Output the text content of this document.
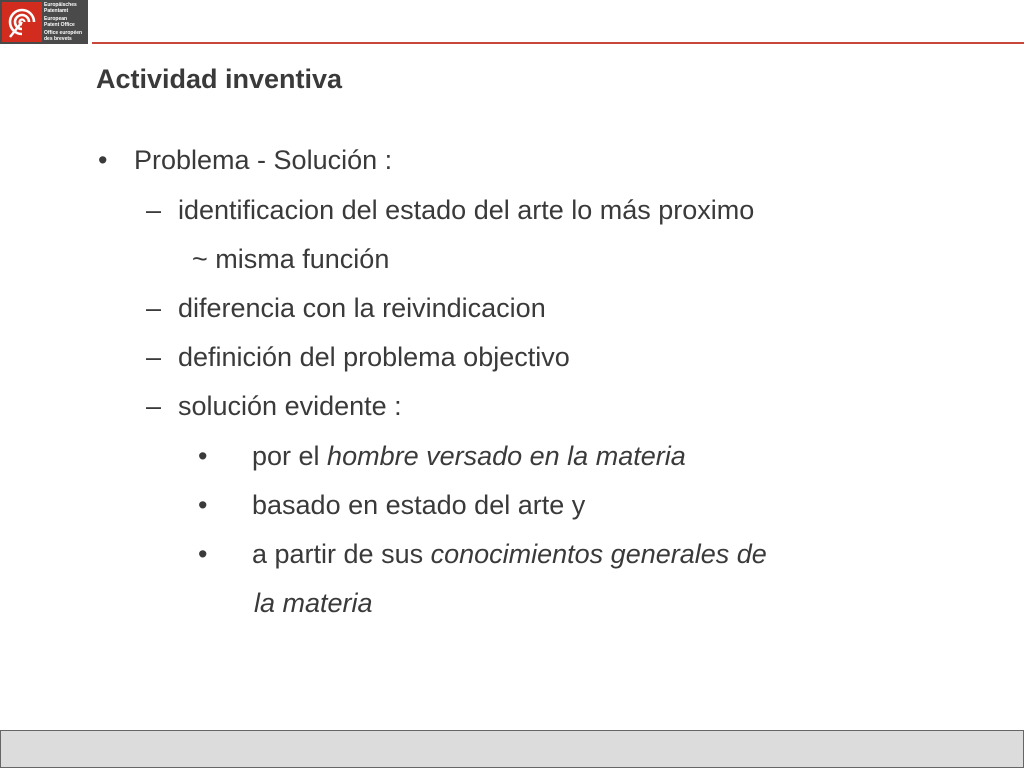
Europäisches
Patentamt
European
Patent Office
Office européen
des brevets
Actividad inventiva
• Problema - Solución :
– identificacion del estado del arte lo más proximo
~ misma función
– diferencia con la reivindicacion
– definición del problema objectivo
– solución evidente :
• por el hombre versado en la materia
• basado en estado del arte y
• a partir de sus conocimientos generales de
la materia
